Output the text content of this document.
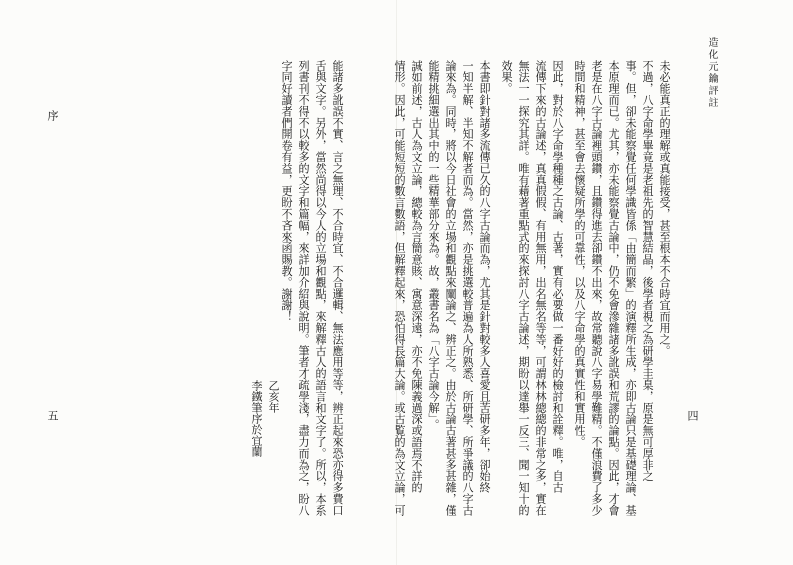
造化元鑰評註
序
五	四
未必能真正的理解或真能接受，甚至根本不合時宜而用之。
不過，八字命學畢竟是老祖先的智慧結晶，後學者視之為研學圭臬，原是無可厚非之
事。但，卻未能察覺任何學識皆係「由簡而繁」的演釋所生成，亦即古論只是基礎理論、基
本原理而已。尤其，亦未能察覺古論中，仍不免會滲雜諸多訛誤和荒謬的論點。因此，才會
老是在八字古論裡頭鑽，且鑽得進去卻鑽不出來，故常聽說八字易學難精。不僅浪費了多少
時間和精神，甚至會去懷疑所學的可靠性，以及八字命學的真實性和實用性。
因此，對於八字命學種種之古論、古著，實有必要做一番好好的檢討和詮釋。唯，自古
流傳下來的古論述，真真假假、有用無用，出名無名等等，可謂林林總總的非常之多，實在
無法一一探究其詳。唯有藉著重點式的來探討八字古論述，期盼以達舉一反三、聞一知十的
效果。
本書即針對諸多流傳已久的八字古論而為，尤其是針對較多人喜愛且苦研多年，卻始終
一知半解、半知不解者而為。當然，亦是挑選較普遍為人所熟悉、所研學、所爭議的八字古
論來為。同時，將以今日社會的立場和觀點來闡論之、辨正之。由於古論古著甚多甚雜，僅
能精挑細選出其中的一些精華部分來為。故，叢書名為「八字古論今解」。
誠如前述，古人為文立論，總較為言簡意賅、寓意深遠，亦不免陳義過深或語焉不詳的
情形。因此，可能短短的數言數語，但解釋起來，恐怕得長篇大論。或古覧的為文立論，可
能諸多訛誤不實、言之無理、不合時宜、不合邏輯、無法應用等等，辨正起來恐亦得多費口
舌與文字。另外，當然尚得以今人的立場和觀點，來解釋古人的語言和文字了。所以，本系
列書刊不得不以較多的文字和篇幅，來詳加介紹與說明。筆者才疏學淺，盡力而為之，盼八
字同好讀者們開卷有益，更盼不吝來函賜教。謝謝！
乙亥年
李鐵筆序於宜蘭
